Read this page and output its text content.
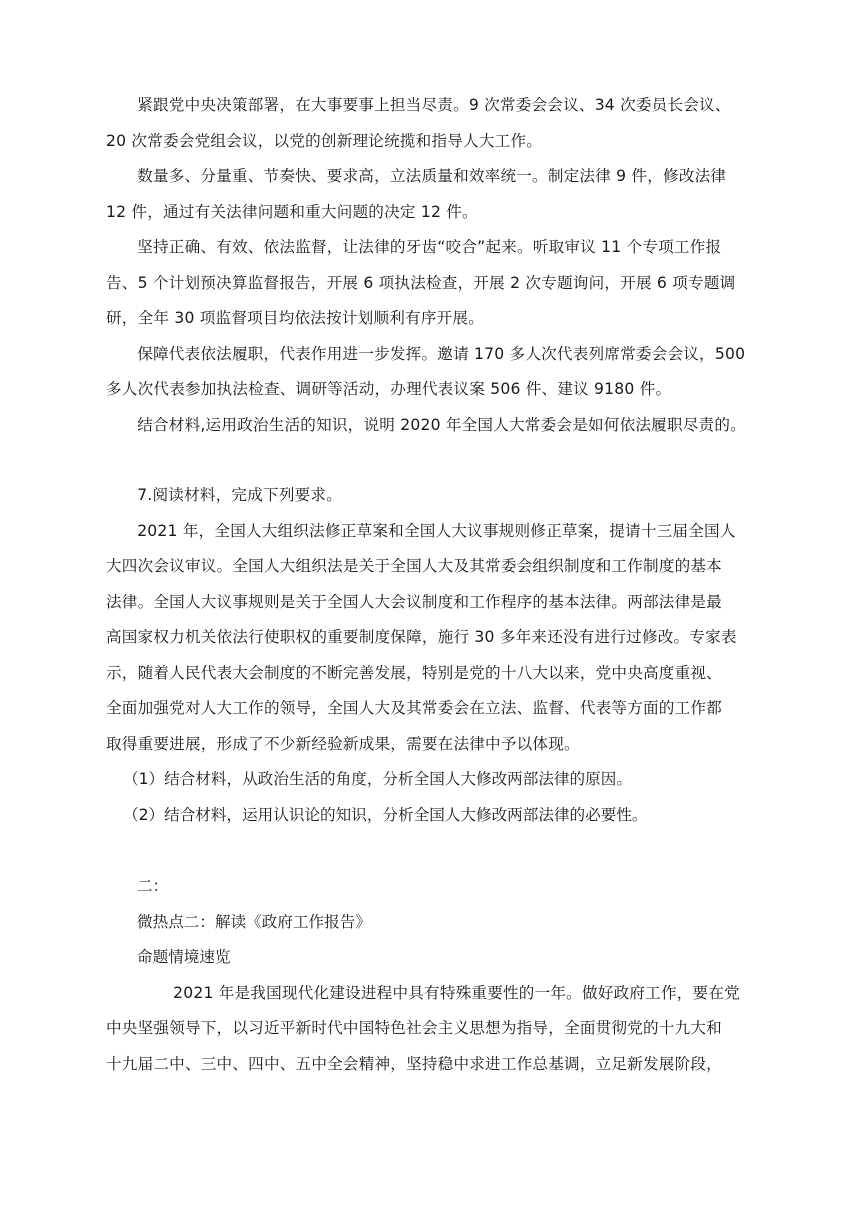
紧跟党中央决策部署，在大事要事上担当尽责。9 次常委会会议、34 次委员长会议、
20 次常委会党组会议，以党的创新理论统揽和指导人大工作。

数量多、分量重、节奏快、要求高，立法质量和效率统一。制定法律 9 件，修改法律
12 件，通过有关法律问题和重大问题的决定 12 件。

坚持正确、有效、依法监督，让法律的牙齿“咬合”起来。听取审议 11 个专项工作报
告、5 个计划预决算监督报告，开展 6 项执法检查，开展 2 次专题询问，开展 6 项专题调
研，全年 30 项监督项目均依法按计划顺利有序开展。

保障代表依法履职，代表作用进一步发挥。邀请 170 多人次代表列席常委会会议，500
多人次代表参加执法检查、调研等活动，办理代表议案 506 件、建议 9180 件。

结合材料,运用政治生活的知识，说明 2020 年全国人大常委会是如何依法履职尽责的。

7.阅读材料，完成下列要求。

2021 年，全国人大组织法修正草案和全国人大议事规则修正草案，提请十三届全国人
大四次会议审议。全国人大组织法是关于全国人大及其常委会组织制度和工作制度的基本
法律。全国人大议事规则是关于全国人大会议制度和工作程序的基本法律。两部法律是最
高国家权力机关依法行使职权的重要制度保障，施行 30 多年来还没有进行过修改。专家表
示，随着人民代表大会制度的不断完善发展，特别是党的十八大以来，党中央高度重视、
全面加强党对人大工作的领导，全国人大及其常委会在立法、监督、代表等方面的工作都
取得重要进展，形成了不少新经验新成果，需要在法律中予以体现。

（1）结合材料，从政治生活的角度，分析全国人大修改两部法律的原因。

（2）结合材料，运用认识论的知识，分析全国人大修改两部法律的必要性。

二：

微热点二：解读《政府工作报告》

命题情境速览

2021 年是我国现代化建设进程中具有特殊重要性的一年。做好政府工作，要在党
中央坚强领导下，以习近平新时代中国特色社会主义思想为指导，全面贯彻党的十九大和
十九届二中、三中、四中、五中全会精神，坚持稳中求进工作总基调，立足新发展阶段，
